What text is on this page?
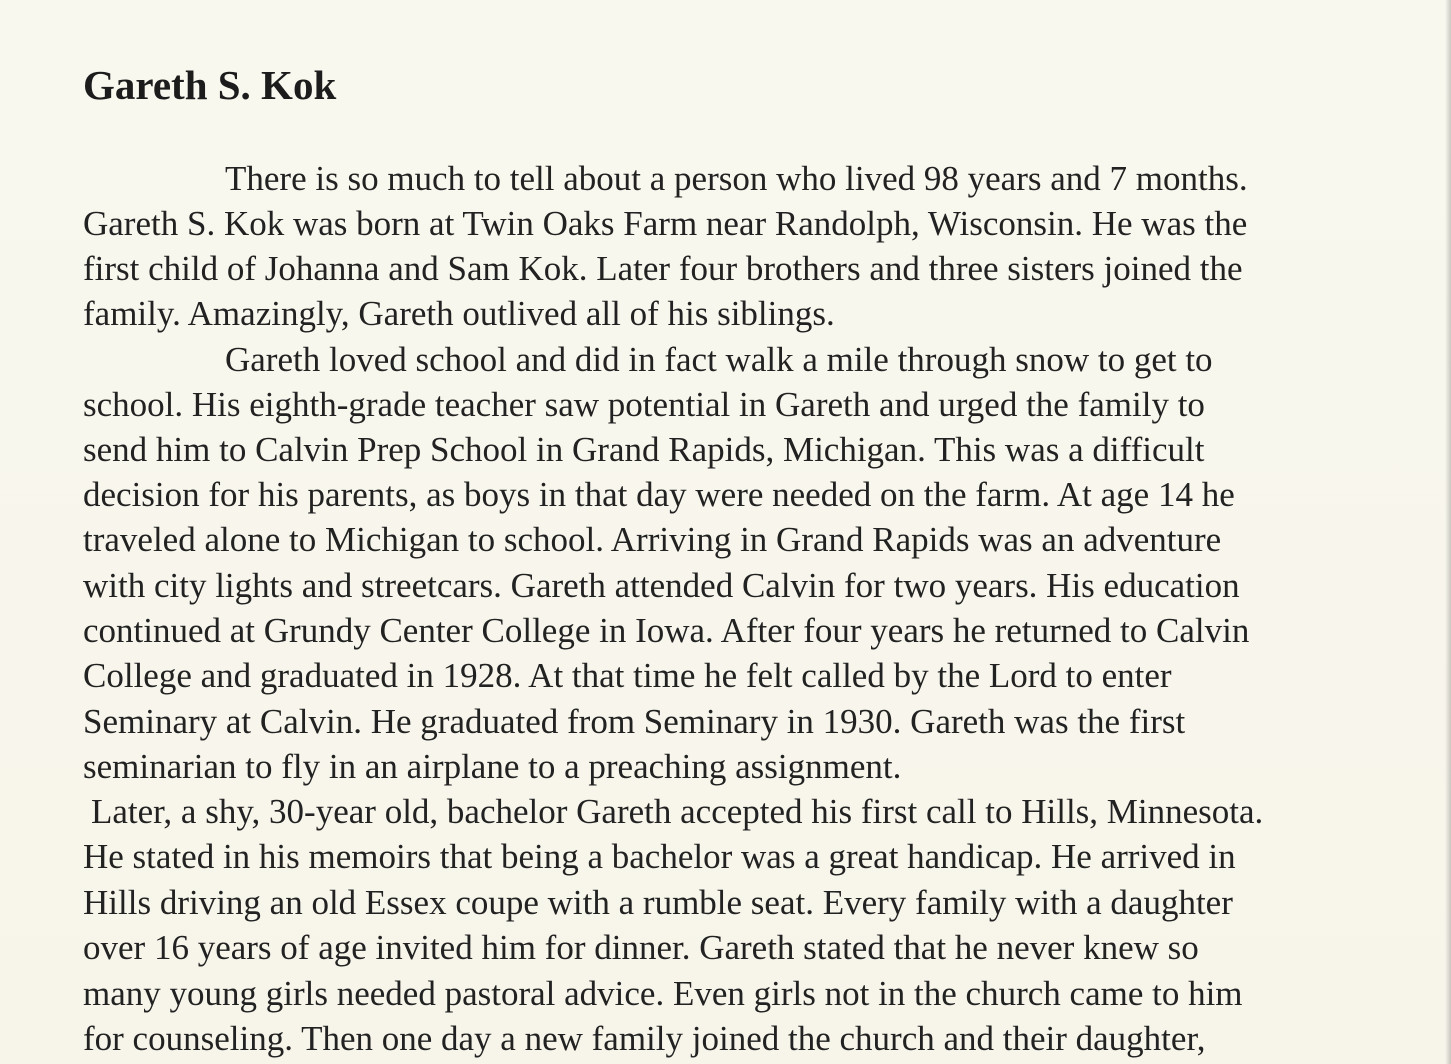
Gareth S. Kok

There is so much to tell about a person who lived 98 years and 7 months.

Gareth S. Kok was born at Twin Oaks Farm near Randolph, Wisconsin. He was the

first child of Johanna and Sam Kok. Later four brothers and three sisters joined the

family. Amazingly, Gareth outlived all of his siblings.

Gareth loved school and did in fact walk a mile through snow to get to

school. His eighth-grade teacher saw potential in Gareth and urged the family to

send him to Calvin Prep School in Grand Rapids, Michigan. This was a difficult

decision for his parents, as boys in that day were needed on the farm. At age 14 he

traveled alone to Michigan to school. Arriving in Grand Rapids was an adventure

with city lights and streetcars. Gareth attended Calvin for two years. His education

continued at Grundy Center College in Iowa. After four years he returned to Calvin

College and graduated in 1928. At that time he felt called by the Lord to enter

Seminary at Calvin. He graduated from Seminary in 1930. Gareth was the first

seminarian to fly in an airplane to a preaching assignment.

Later, a shy, 30-year old, bachelor Gareth accepted his first call to Hills, Minnesota.

He stated in his memoirs that being a bachelor was a great handicap. He arrived in

Hills driving an old Essex coupe with a rumble seat. Every family with a daughter

over 16 years of age invited him for dinner. Gareth stated that he never knew so

many young girls needed pastoral advice. Even girls not in the church came to him

for counseling. Then one day a new family joined the church and their daughter,
